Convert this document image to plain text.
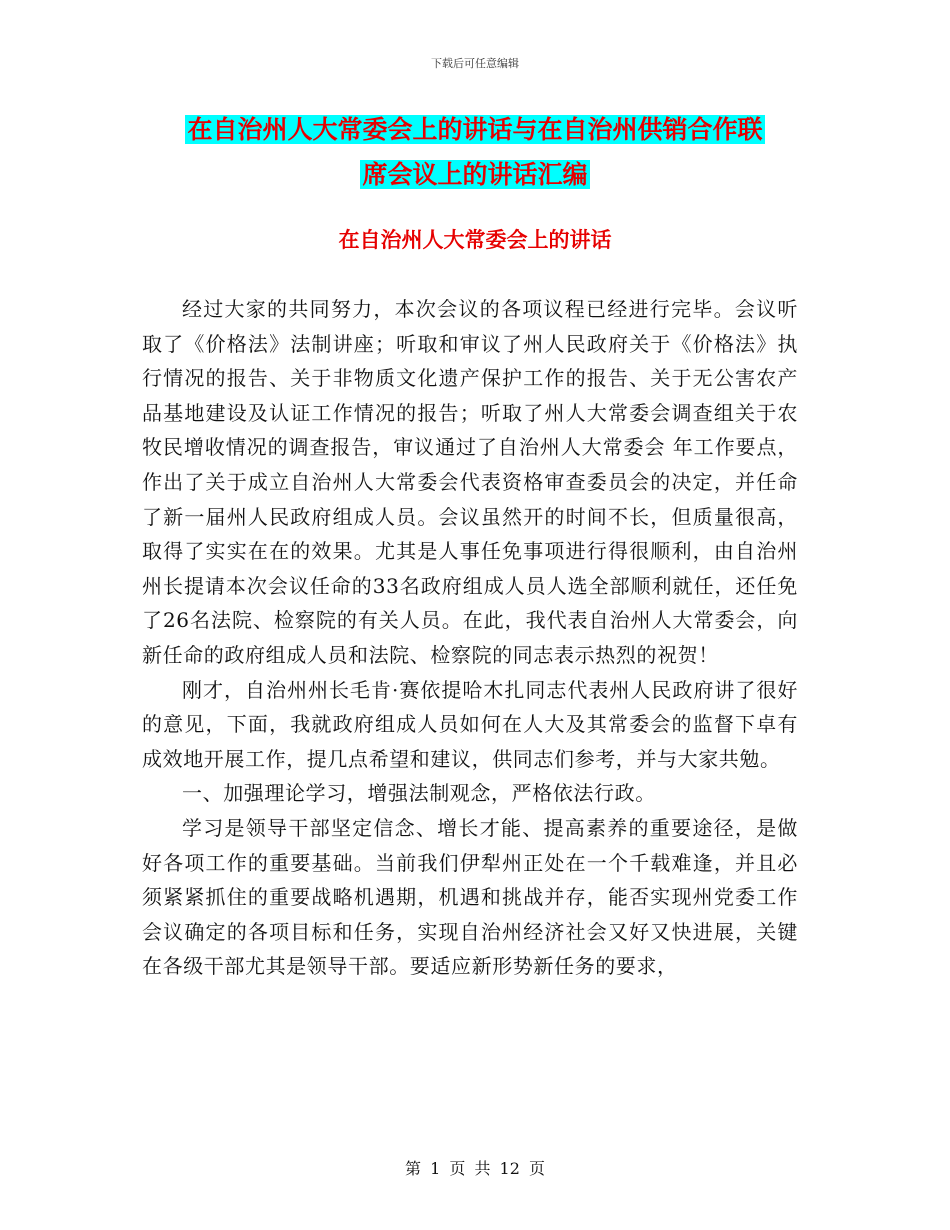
下载后可任意编辑
在自治州人大常委会上的讲话与在自治州供销合作联
席会议上的讲话汇编
在自治州人大常委会上的讲话

经过大家的共同努力，本次会议的各项议程已经进行完毕。会议听取了《价格法》法制讲座；听取和审议了州人民政府关于《价格法》执行情况的报告、关于非物质文化遗产保护工作的报告、关于无公害农产品基地建设及认证工作情况的报告；听取了州人大常委会调查组关于农牧民增收情况的调查报告，审议通过了自治州人大常委会 年工作要点，作出了关于成立自治州人大常委会代表资格审查委员会的决定，并任命了新一届州人民政府组成人员。会议虽然开的时间不长，但质量很高，取得了实实在在的效果。尤其是人事任免事项进行得很顺利，由自治州州长提请本次会议任命的33名政府组成人员人选全部顺利就任，还任免了26名法院、检察院的有关人员。在此，我代表自治州人大常委会，向新任命的政府组成人员和法院、检察院的同志表示热烈的祝贺！

刚才，自治州州长毛肯·赛依提哈木扎同志代表州人民政府讲了很好的意见，下面，我就政府组成人员如何在人大及其常委会的监督下卓有成效地开展工作，提几点希望和建议，供同志们参考，并与大家共勉。

一、加强理论学习，增强法制观念，严格依法行政。

学习是领导干部坚定信念、增长才能、提高素养的重要途径，是做好各项工作的重要基础。当前我们伊犁州正处在一个千载难逢，并且必须紧紧抓住的重要战略机遇期，机遇和挑战并存，能否实现州党委工作会议确定的各项目标和任务，实现自治州经济社会又好又快进展，关键在各级干部尤其是领导干部。要适应新形势新任务的要求，

第 1 页 共 12 页
